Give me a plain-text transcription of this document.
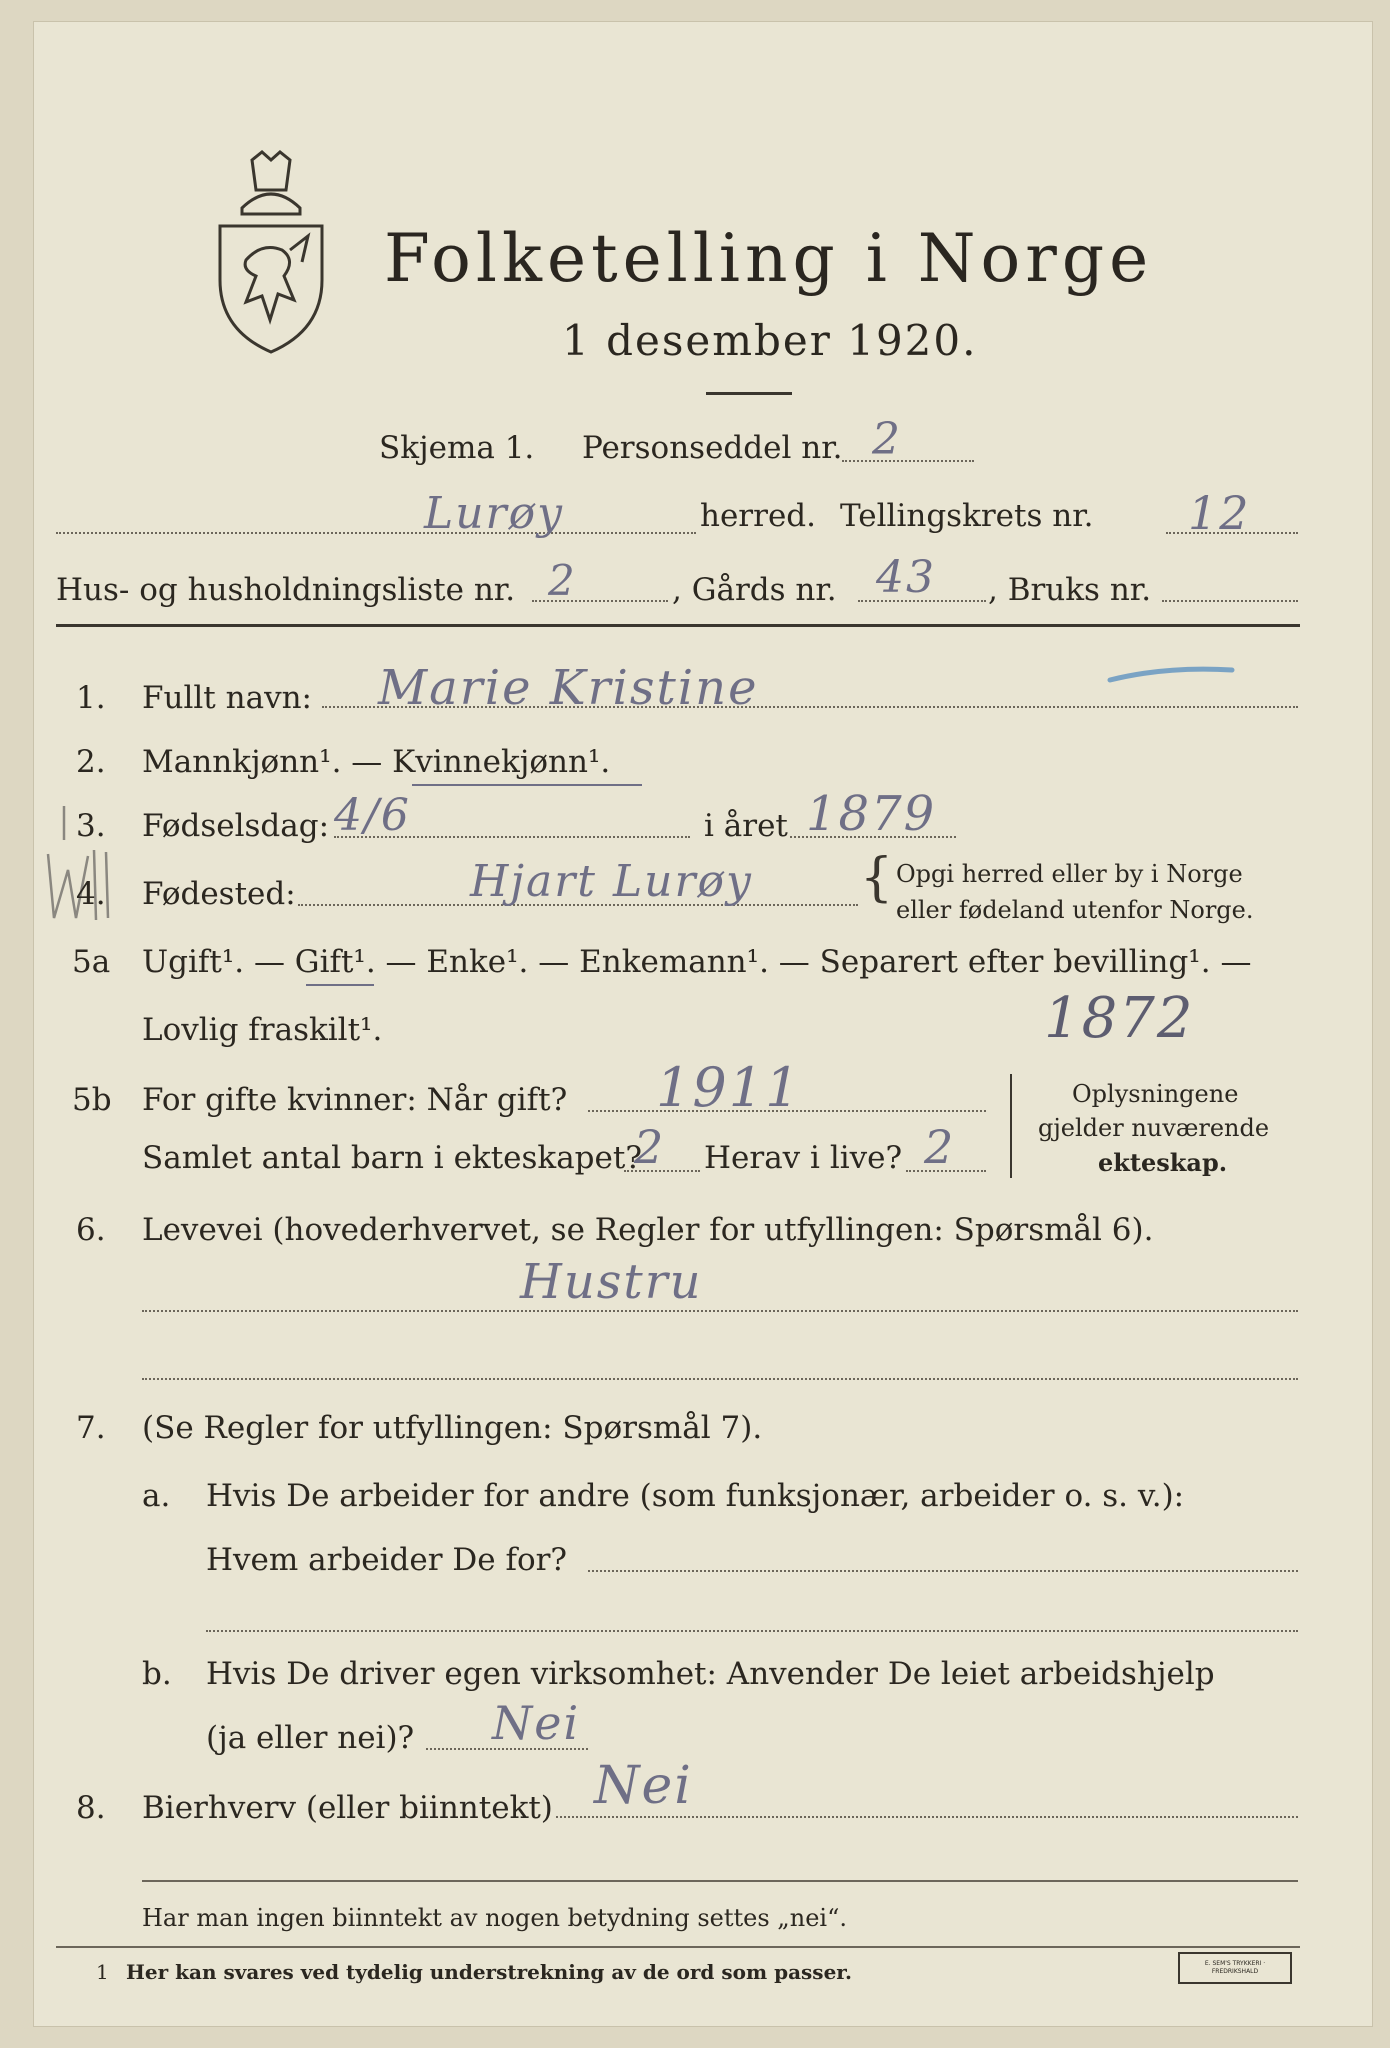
Folketelling i Norge
1 desember 1920.
Skjema 1. Personseddel nr. 2
Lurøy	herred. Tellingskrets nr. 12
Hus- og husholdningsliste nr. 2	, Gårds nr. 43 , Bruks nr.
1. Fullt navn: Marie Kristine
2. Mannkjønn¹. — Kvinnekjønn¹.
3. Fødselsdag: 4/6	i året 1879
4. Fødested:	Hjart Lurøy { Opgi herred eller by i Norge
eller fødeland utenfor Norge.
5a Ugift¹. — Gift¹. — Enke¹. — Enkemann¹. — Separert efter bevilling¹. —
Lovlig fraskilt¹.	1872
5b For gifte kvinner: Når gift? 1911
Samlet antal barn i ekteskapet?
2 Herav i live? 2
Oplysningene
gjelder nuværende
ekteskap.
6. Levevei (hovederhvervet, se Regler for utfyllingen: Spørsmål 6).
Hustru
7. (Se Regler for utfyllingen: Spørsmål 7).
a. Hvis De arbeider for andre (som funksjonær, arbeider o. s. v.):
Hvem arbeider De for?
b. Hvis De driver egen virksomhet: Anvender De leiet arbeidshjelp
(ja eller nei)? Nei
8. Bierhverv (eller biinntekt) Nei
Har man ingen biinntekt av nogen betydning settes „nei“.
1 Her kan svares ved tydelig understrekning av de ord som passer.	E. SEM'S TRYKKERI · FREDRIKSHALD
